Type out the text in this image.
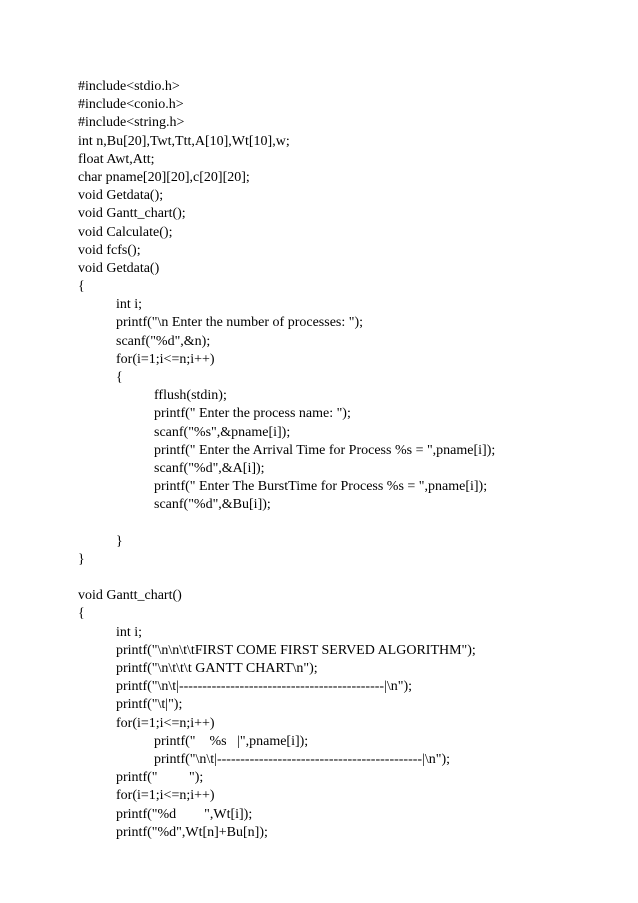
#include<stdio.h>
#include<conio.h>
#include<string.h>
int n,Bu[20],Twt,Ttt,A[10],Wt[10],w;
float Awt,Att;
char pname[20][20],c[20][20];
void Getdata();
void Gantt_chart();
void Calculate();
void fcfs();
void Getdata()
{
int i;
printf("\n Enter the number of processes: ");
scanf("%d",&n);
for(i=1;i<=n;i++)
{
fflush(stdin);
printf(" Enter the process name: ");
scanf("%s",&pname[i]);
printf(" Enter the Arrival Time for Process %s = ",pname[i]);
scanf("%d",&A[i]);
printf(" Enter The BurstTime for Process %s = ",pname[i]);
scanf("%d",&Bu[i]);
}
}
void Gantt_chart()
{
int i;
printf("\n\n\t\tFIRST COME FIRST SERVED ALGORITHM");
printf("\n\t\t\t GANTT CHART\n");
printf("\n\t|--------------------------------------------|\n");
printf("\t|");
for(i=1;i<=n;i++)
printf("    %s   |",pname[i]);
printf("\n\t|--------------------------------------------|\n");
printf("         ");
for(i=1;i<=n;i++)
printf("%d        ",Wt[i]);
printf("%d",Wt[n]+Bu[n]);
